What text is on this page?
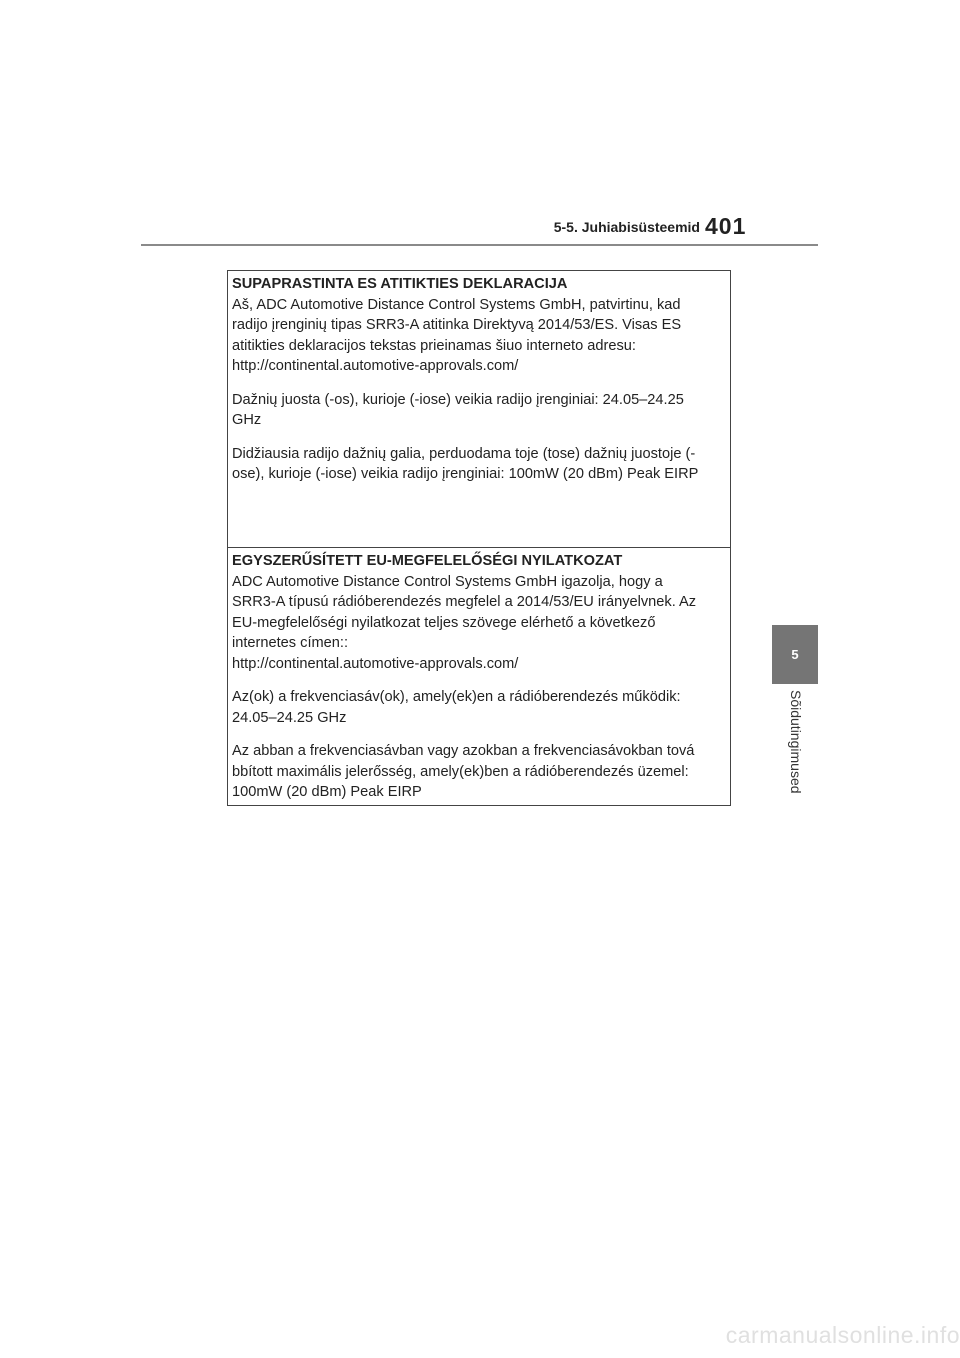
5-5. Juhiabisüsteemid 401
5
Sõidutingimused

SUPAPRASTINTA ES ATITIKTIES DEKLARACIJA

Aš, ADC Automotive Distance Control Systems GmbH, patvirtinu, kad
radijo įrenginių tipas SRR3-A atitinka Direktyvą 2014/53/ES. Visas ES
atitikties deklaracijos tekstas prieinamas šiuo interneto adresu:
http://continental.automotive-approvals.com/

Dažnių juosta (-os), kurioje (-iose) veikia radijo įrenginiai: 24.05–24.25
GHz

Didžiausia radijo dažnių galia, perduodama toje (tose) dažnių juostoje (-
ose), kurioje (-iose) veikia radijo įrenginiai: 100mW (20 dBm) Peak EIRP

EGYSZERŰSÍTETT EU-MEGFELELŐSÉGI NYILATKOZAT

ADC Automotive Distance Control Systems GmbH igazolja, hogy a
SRR3-A típusú rádióberendezés megfelel a 2014/53/EU irányelvnek. Az
EU-megfelelőségi nyilatkozat teljes szövege elérhető a következő
internetes címen::
http://continental.automotive-approvals.com/

Az(ok) a frekvenciasáv(ok), amely(ek)en a rádióberendezés működik:
24.05–24.25 GHz

Az abban a frekvenciasávban vagy azokban a frekvenciasávokban tová
bbított maximális jelerősség, amely(ek)ben a rádióberendezés üzemel:
100mW (20 dBm) Peak EIRP

carmanualsonline.info
